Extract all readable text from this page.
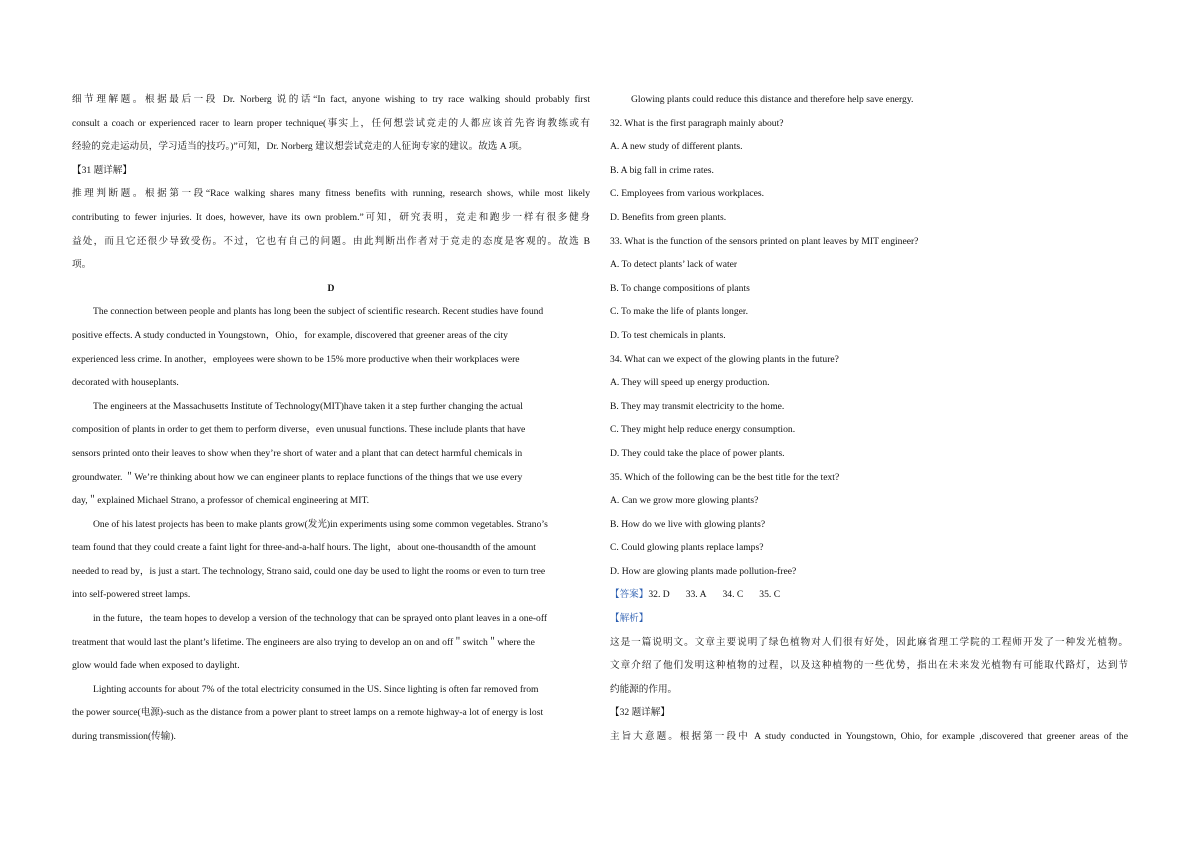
细节理解题。根据最后一段 Dr. Norberg 说的话“In fact, anyone wishing to try race walking should probably first
consult a coach or experienced racer to learn proper technique(事实上，任何想尝试竞走的人都应该首先咨询教练或有
经验的竞走运动员，学习适当的技巧。)”可知，Dr. Norberg 建议想尝试竞走的人征询专家的建议。故选 A 项。
【31 题详解】
推理判断题。根据第一段“Race walking shares many fitness benefits with running, research shows, while most likely
contributing to fewer injuries. It does, however, have its own problem.”可知，研究表明，竞走和跑步一样有很多健身
益处，而且它还很少导致受伤。不过，它也有自己的问题。由此判断出作者对于竞走的态度是客观的。故选 B
项。
D
The connection between people and plants has long been the subject of scientific research. Recent studies have found
positive effects. A study conducted in Youngstown，Ohio，for example, discovered that greener areas of the city
experienced less crime. In another，employees were shown to be 15% more productive when their workplaces were
decorated with houseplants.
The engineers at the Massachusetts Institute of Technology(MIT)have taken it a step further changing the actual
composition of plants in order to get them to perform diverse，even unusual functions. These include plants that have
sensors printed onto their leaves to show when they’re short of water and a plant that can detect harmful chemicals in
groundwater. ＂We’re thinking about how we can engineer plants to replace functions of the things that we use every
day,＂explained Michael Strano, a professor of chemical engineering at MIT.
One of his latest projects has been to make plants grow(发光)in experiments using some common vegetables. Strano’s
team found that they could create a faint light for three-and-a-half hours. The light，about one-thousandth of the amount
needed to read by，is just a start. The technology, Strano said, could one day be used to light the rooms or even to turn tree
into self-powered street lamps.
in the future，the team hopes to develop a version of the technology that can be sprayed onto plant leaves in a one-off
treatment that would last the plant’s lifetime. The engineers are also trying to develop an on and off＂switch＂where the
glow would fade when exposed to daylight.
Lighting accounts for about 7% of the total electricity consumed in the US. Since lighting is often far removed from
the power source(电源)-such as the distance from a power plant to street lamps on a remote highway-a lot of energy is lost
during transmission(传输).
Glowing plants could reduce this distance and therefore help save energy.
32. What is the first paragraph mainly about?
A. A new study of different plants.
B. A big fall in crime rates.
C. Employees from various workplaces.
D. Benefits from green plants.
33. What is the function of the sensors printed on plant leaves by MIT engineer?
A. To detect plants’ lack of water
B. To change compositions of plants
C. To make the life of plants longer.
D. To test chemicals in plants.
34. What can we expect of the glowing plants in the future?
A. They will speed up energy production.
B. They may transmit electricity to the home.
C. They might help reduce energy consumption.
D. They could take the place of power plants.
35. Which of the following can be the best title for the text?
A. Can we grow more glowing plants?
B. How do we live with glowing plants?
C. Could glowing plants replace lamps?
D. How are glowing plants made pollution-free?
【答案】32. D 33. A 34. C 35. C
【解析】
这是一篇说明文。文章主要说明了绿色植物对人们很有好处，因此麻省理工学院的工程师开发了一种发光植物。
文章介绍了他们发明这种植物的过程，以及这种植物的一些优势，指出在未来发光植物有可能取代路灯，达到节
约能源的作用。
【32 题详解】
主旨大意题。根据第一段中 A study conducted in Youngstown, Ohio, for example ,discovered that greener areas of the
